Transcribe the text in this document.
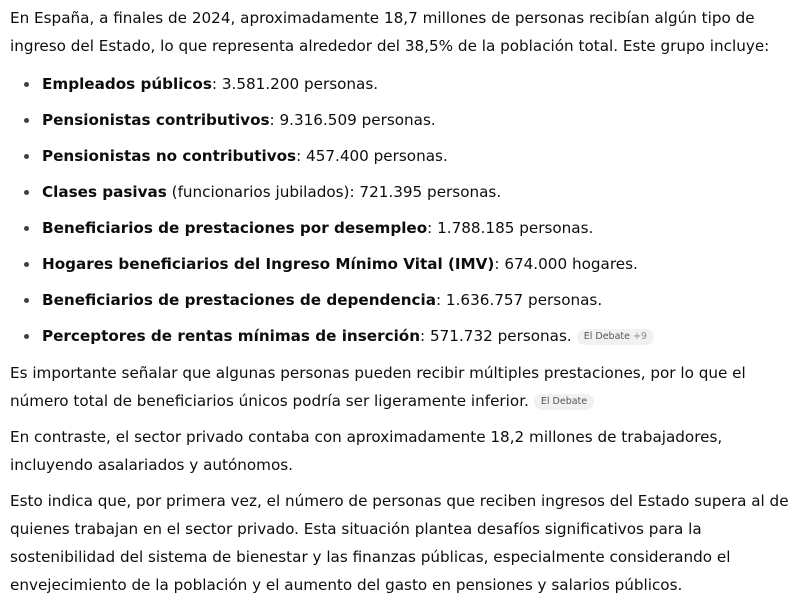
En España, a finales de 2024, aproximadamente 18,7 millones de personas recibían algún tipo de ingreso del Estado, lo que representa alrededor del 38,5% de la población total. Este grupo incluye:

Empleados públicos: 3.581.200 personas.
Pensionistas contributivos: 9.316.509 personas.
Pensionistas no contributivos: 457.400 personas.
Clases pasivas (funcionarios jubilados): 721.395 personas.
Beneficiarios de prestaciones por desempleo: 1.788.185 personas.
Hogares beneficiarios del Ingreso Mínimo Vital (IMV): 674.000 hogares.
Beneficiarios de prestaciones de dependencia: 1.636.757 personas.
Perceptores de rentas mínimas de inserción: 571.732 personas. El Debate +9

Es importante señalar que algunas personas pueden recibir múltiples prestaciones, por lo que el número total de beneficiarios únicos podría ser ligeramente inferior. El Debate

En contraste, el sector privado contaba con aproximadamente 18,2 millones de trabajadores, incluyendo asalariados y autónomos.

Esto indica que, por primera vez, el número de personas que reciben ingresos del Estado supera al de quienes trabajan en el sector privado. Esta situación plantea desafíos significativos para la sostenibilidad del sistema de bienestar y las finanzas públicas, especialmente considerando el envejecimiento de la población y el aumento del gasto en pensiones y salarios públicos.
